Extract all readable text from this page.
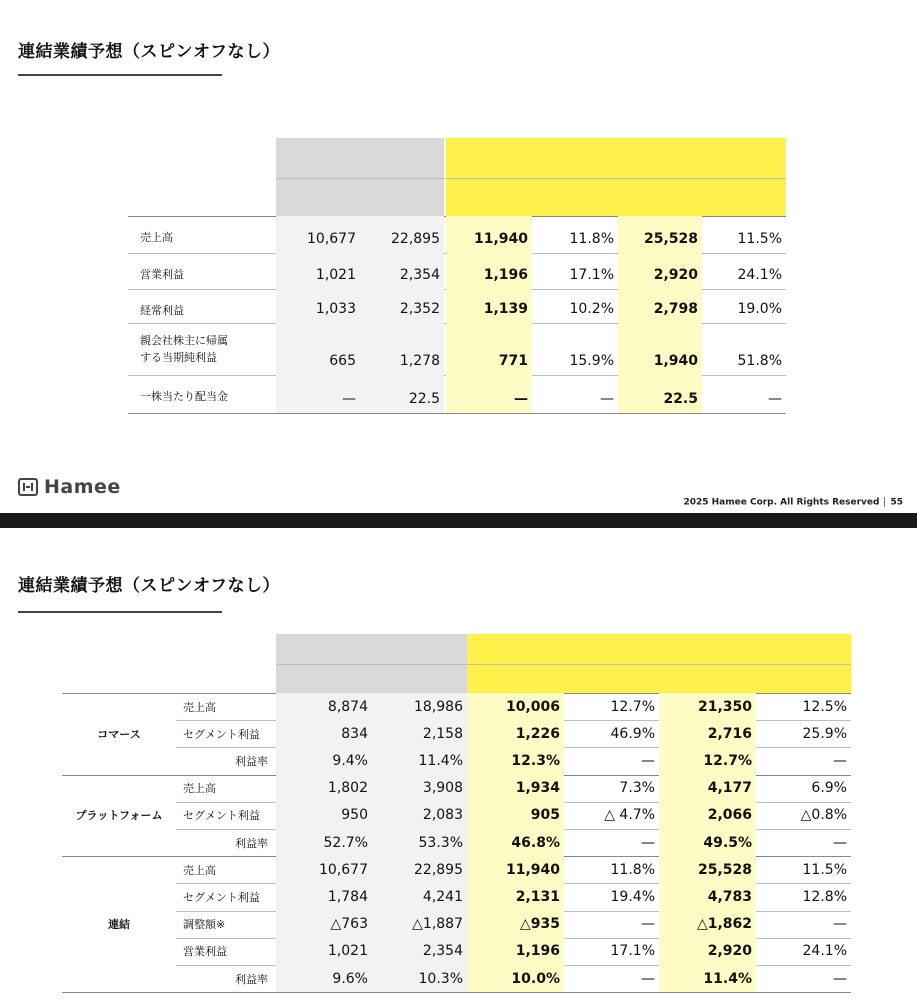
連結業績予想（スピンオフなし）
売上高	10,677	22,895	11,940	11.8%	25,528	11.5%
営業利益	1,021	2,354	1,196	17.1%	2,920	24.1%
経常利益	1,033	2,352	1,139	10.2%	2,798	19.0%
親会社株主に帰属
する当期純利益	665	1,278	771	15.9%	1,940	51.8%
一株当たり配当金	—	22.5	—	—	22.5	—
Hamee
2025 Hamee Corp. All Rights Reserved 55
連結業績予想（スピンオフなし）
コマース
売上高	8,874	18,986	10,006	12.7%	21,350	12.5%
セグメント利益	834	2,158	1,226	46.9%	2,716	25.9%
利益率	9.4%	11.4%	12.3%	—	12.7%	—
プラットフォーム
売上高	1,802	3,908	1,934	7.3%	4,177	6.9%
セグメント利益	950	2,083	905	△ 4.7%	2,066	△0.8%
利益率	52.7%	53.3%	46.8%	—	49.5%	—
連結
売上高	10,677	22,895	11,940	11.8%	25,528	11.5%
セグメント利益	1,784	4,241	2,131	19.4%	4,783	12.8%
調整額※	△763	△1,887	△935	—	△1,862	—
営業利益	1,021	2,354	1,196	17.1%	2,920	24.1%
利益率	9.6%	10.3%	10.0%	—	11.4%	—
